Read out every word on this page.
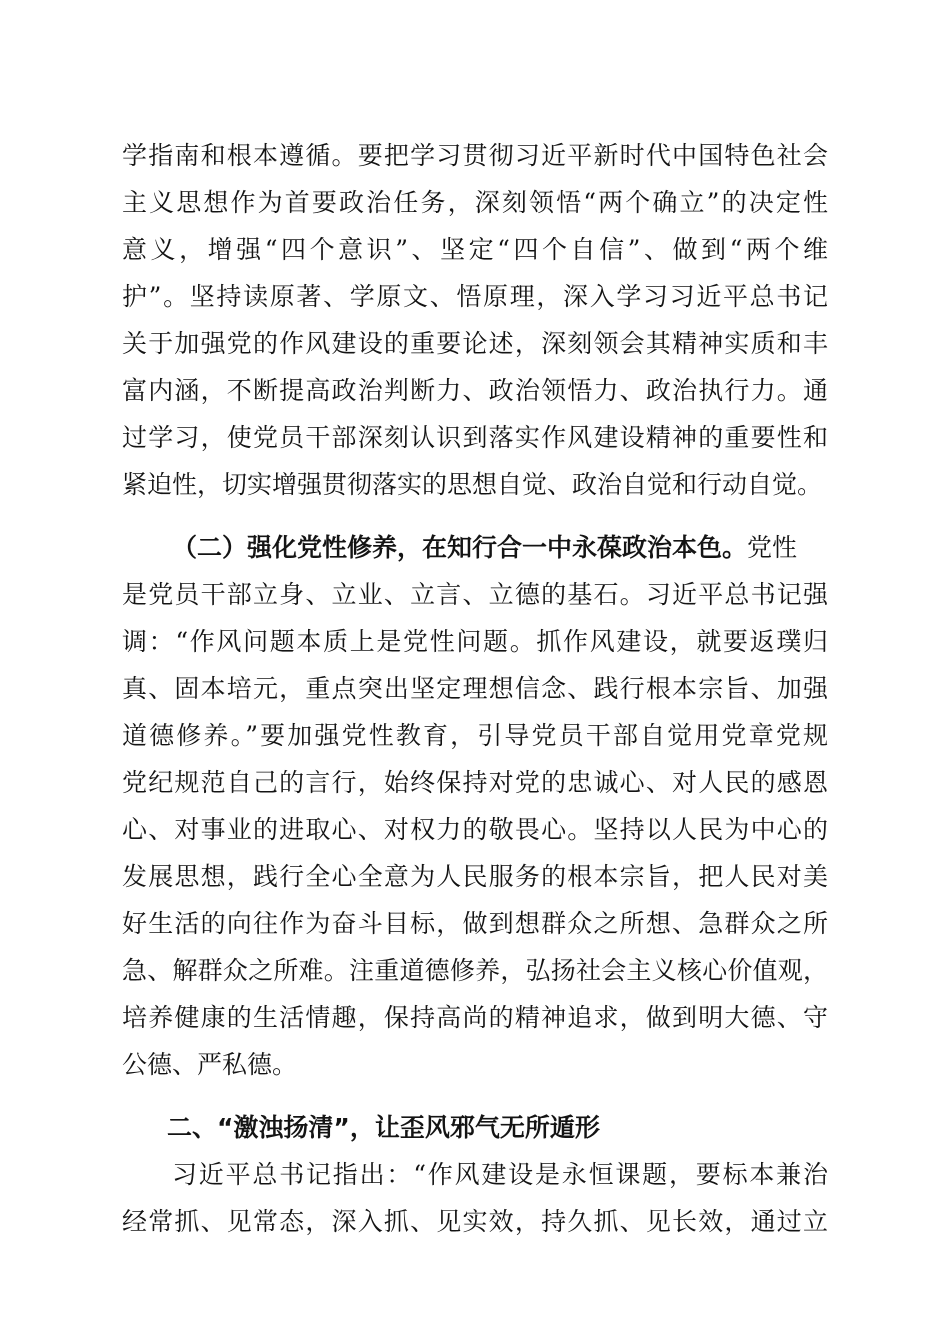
学指南和根本遵循。要把学习贯彻习近平新时代中国特色社会
主义思想作为首要政治任务，深刻领悟“两个确立”的决定性
意义，增强“四个意识”、坚定“四个自信”、做到“两个维
护”。坚持读原著、学原文、悟原理，深入学习习近平总书记
关于加强党的作风建设的重要论述，深刻领会其精神实质和丰
富内涵，不断提高政治判断力、政治领悟力、政治执行力。通
过学习，使党员干部深刻认识到落实作风建设精神的重要性和
紧迫性，切实增强贯彻落实的思想自觉、政治自觉和行动自觉。

（二）强化党性修养，在知行合一中永葆政治本色。党性
是党员干部立身、立业、立言、立德的基石。习近平总书记强
调：“作风问题本质上是党性问题。抓作风建设，就要返璞归
真、固本培元，重点突出坚定理想信念、践行根本宗旨、加强
道德修养。”要加强党性教育，引导党员干部自觉用党章党规
党纪规范自己的言行，始终保持对党的忠诚心、对人民的感恩
心、对事业的进取心、对权力的敬畏心。坚持以人民为中心的
发展思想，践行全心全意为人民服务的根本宗旨，把人民对美
好生活的向往作为奋斗目标，做到想群众之所想、急群众之所
急、解群众之所难。注重道德修养，弘扬社会主义核心价值观，
培养健康的生活情趣，保持高尚的精神追求，做到明大德、守
公德、严私德。

二、“激浊扬清”，让歪风邪气无所遁形

习近平总书记指出：“作风建设是永恒课题，要标本兼治
经常抓、见常态，深入抓、见实效，持久抓、见长效，通过立
